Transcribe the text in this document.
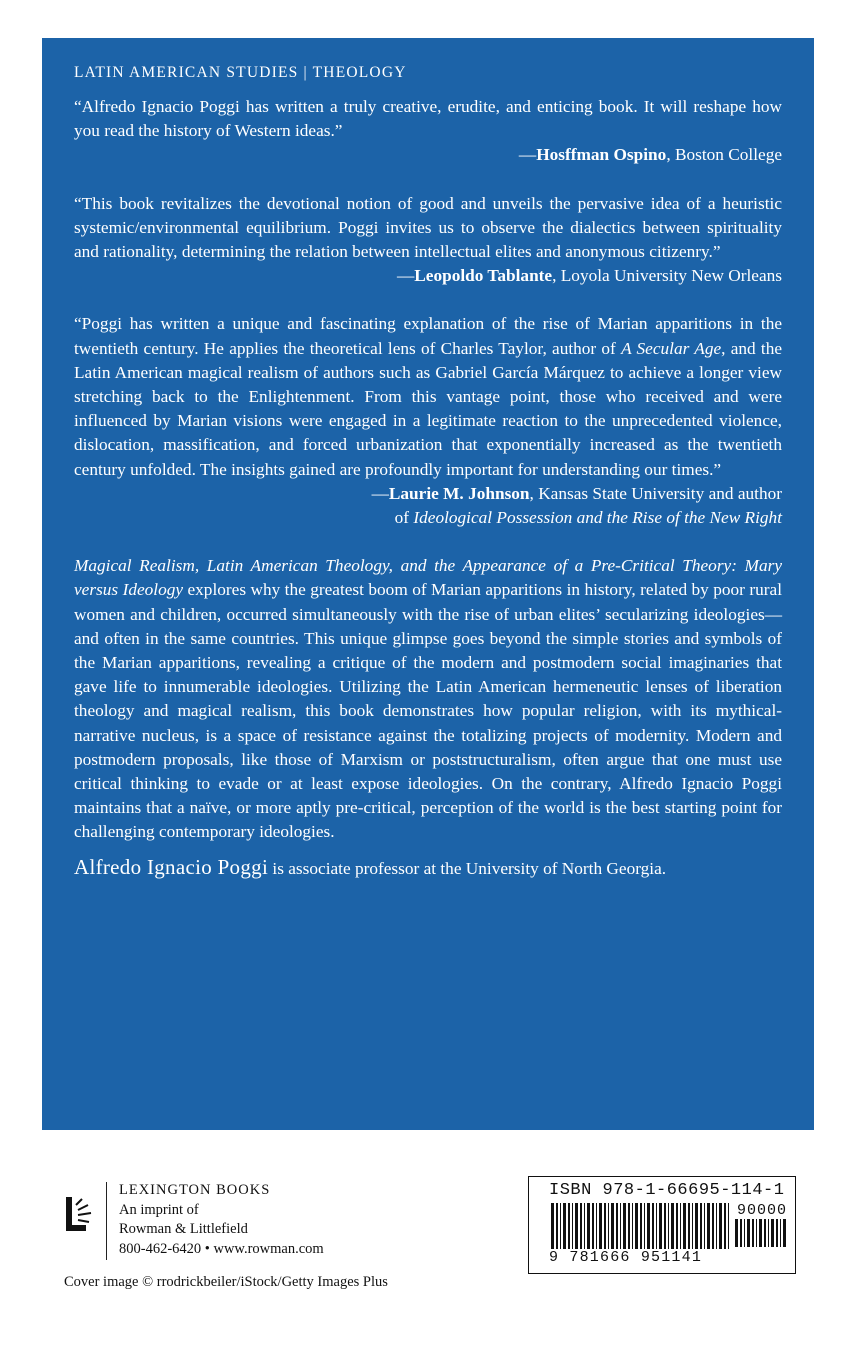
LATIN AMERICAN STUDIES | THEOLOGY

“Alfredo Ignacio Poggi has written a truly creative, erudite, and enticing book. It will reshape how you read the history of Western ideas.”

—Hosffman Ospino, Boston College

“This book revitalizes the devotional notion of good and unveils the pervasive idea of a heuristic systemic/environmental equilibrium. Poggi invites us to observe the dialectics between spirituality and rationality, determining the relation between intellectual elites and anonymous citizenry.”

—Leopoldo Tablante, Loyola University New Orleans

“Poggi has written a unique and fascinating explanation of the rise of Marian apparitions in the twentieth century. He applies the theoretical lens of Charles Taylor, author of A Secular Age, and the Latin American magical realism of authors such as Gabriel García Márquez to achieve a longer view stretching back to the Enlightenment. From this vantage point, those who received and were influenced by Marian visions were engaged in a legitimate reaction to the unprecedented violence, dislocation, massification, and forced urbanization that exponentially increased as the twentieth century unfolded. The insights gained are profoundly important for understanding our times.”

—Laurie M. Johnson, Kansas State University and author

of Ideological Possession and the Rise of the New Right

Magical Realism, Latin American Theology, and the Appearance of a Pre-Critical Theory: Mary versus Ideology explores why the greatest boom of Marian apparitions in history, related by poor rural women and children, occurred simultaneously with the rise of urban elites’ secularizing ideologies—and often in the same countries. This unique glimpse goes beyond the simple stories and symbols of the Marian apparitions, revealing a critique of the modern and postmodern social imaginaries that gave life to innumerable ideologies. Utilizing the Latin American hermeneutic lenses of liberation theology and magical realism, this book demonstrates how popular religion, with its mythical-narrative nucleus, is a space of resistance against the totalizing projects of modernity. Modern and postmodern proposals, like those of Marxism or poststructuralism, often argue that one must use critical thinking to evade or at least expose ideologies. On the contrary, Alfredo Ignacio Poggi maintains that a naïve, or more aptly pre-critical, perception of the world is the best starting point for challenging contemporary ideologies.

Alfredo Ignacio Poggi is associate professor at the University of North Georgia.

LEXINGTON BOOKS
An imprint of
Rowman & Littlefield
800-462-6420 • www.rowman.com
Cover image © rrodrickbeiler/iStock/Getty Images Plus
ISBN 978-1-66695-114-1
90000
9 781666 951141
